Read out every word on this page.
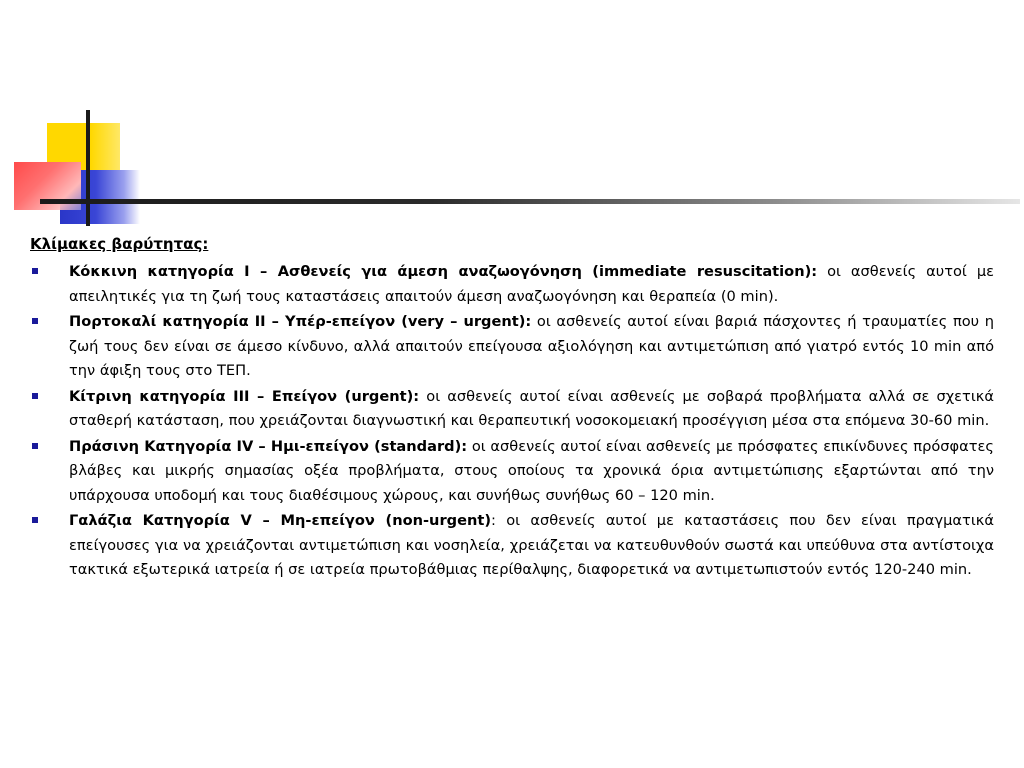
Κλίμακες βαρύτητας:
Κόκκινη κατηγορία I – Ασθενείς για άμεση αναζωογόνηση (immediate resuscitation): οι ασθενείς αυτοί με απειλητικές για τη ζωή τους καταστάσεις απαιτούν άμεση αναζωογόνηση και θεραπεία (0 min).
Πορτοκαλί κατηγορία II – Υπέρ-επείγον (very – urgent): οι ασθενείς αυτοί είναι βαριά πάσχοντες ή τραυματίες που η ζωή τους δεν είναι σε άμεσο κίνδυνο, αλλά απαιτούν επείγουσα αξιολόγηση και αντιμετώπιση από γιατρό εντός 10 min από την άφιξη τους στο ΤΕΠ.
Κίτρινη κατηγορία III – Επείγον (urgent): οι ασθενείς αυτοί είναι ασθενείς με σοβαρά προβλήματα αλλά σε σχετικά σταθερή κατάσταση, που χρειάζονται διαγνωστική και θεραπευτική νοσοκομειακή προσέγγιση μέσα στα επόμενα 30-60 min.
Πράσινη Κατηγορία IV – Ημι-επείγον (standard): οι ασθενείς αυτοί είναι ασθενείς με πρόσφατες επικίνδυνες πρόσφατες βλάβες και μικρής σημασίας οξέα προβλήματα, στους οποίους τα χρονικά όρια αντιμετώπισης εξαρτώνται από την υπάρχουσα υποδομή και τους διαθέσιμους χώρους, και συνήθως συνήθως 60 – 120 min.
Γαλάζια Κατηγορία V – Μη-επείγον (non-urgent): οι ασθενείς αυτοί με καταστάσεις που δεν είναι πραγματικά επείγουσες για να χρειάζονται αντιμετώπιση και νοσηλεία, χρειάζεται να κατευθυνθούν σωστά και υπεύθυνα στα αντίστοιχα τακτικά εξωτερικά ιατρεία ή σε ιατρεία πρωτοβάθμιας περίθαλψης, διαφορετικά να αντιμετωπιστούν εντός 120-240 min.
